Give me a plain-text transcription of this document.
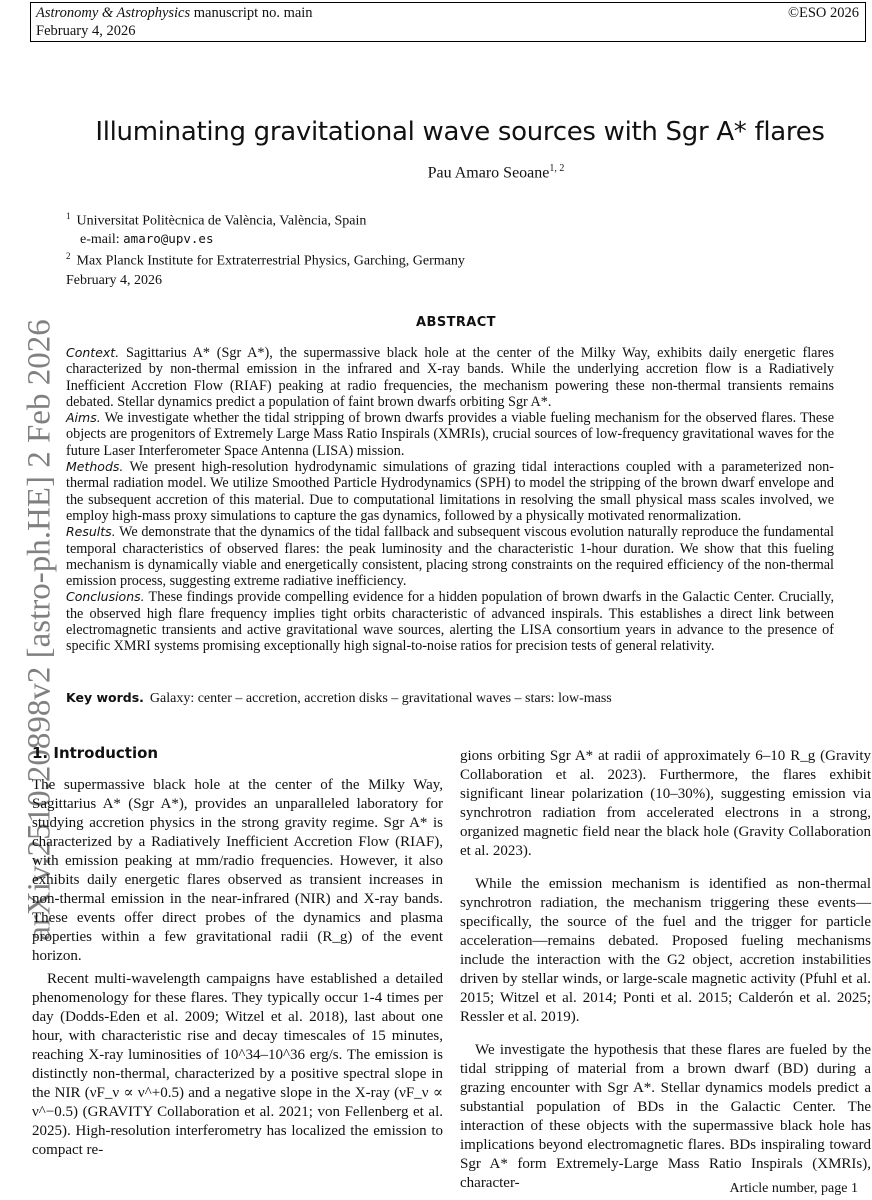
Astronomy & Astrophysics manuscript no. main
February 4, 2026
©ESO 2026
arXiv:2510.20898v2 [astro-ph.HE] 2 Feb 2026
Illuminating gravitational wave sources with Sgr A* flares
Pau Amaro Seoane$^{1, 2}$
$^1$ Universitat Politècnica de València, València, Spain
e-mail: amaro@upv.es
$^2$ Max Planck Institute for Extraterrestrial Physics, Garching, Germany
February 4, 2026
ABSTRACT

Context. Sagittarius A* (Sgr A*), the supermassive black hole at the center of the Milky Way, exhibits daily energetic flares characterized by non-thermal emission in the infrared and X-ray bands. While the underlying accretion flow is a Radiatively Inefficient Accretion Flow (RIAF) peaking at radio frequencies, the mechanism powering these non-thermal transients remains debated. Stellar dynamics predict a population of faint brown dwarfs orbiting Sgr A*.

Aims. We investigate whether the tidal stripping of brown dwarfs provides a viable fueling mechanism for the observed flares. These objects are progenitors of Extremely Large Mass Ratio Inspirals (XMRIs), crucial sources of low-frequency gravitational waves for the future Laser Interferometer Space Antenna (LISA) mission.

Methods. We present high-resolution hydrodynamic simulations of grazing tidal interactions coupled with a parameterized non-thermal radiation model. We utilize Smoothed Particle Hydrodynamics (SPH) to model the stripping of the brown dwarf envelope and the subsequent accretion of this material. Due to computational limitations in resolving the small physical mass scales involved, we employ high-mass proxy simulations to capture the gas dynamics, followed by a physically motivated renormalization.

Results. We demonstrate that the dynamics of the tidal fallback and subsequent viscous evolution naturally reproduce the fundamental temporal characteristics of observed flares: the peak luminosity and the characteristic 1-hour duration. We show that this fueling mechanism is dynamically viable and energetically consistent, placing strong constraints on the required efficiency of the non-thermal emission process, suggesting extreme radiative inefficiency.

Conclusions. These findings provide compelling evidence for a hidden population of brown dwarfs in the Galactic Center. Crucially, the observed high flare frequency implies tight orbits characteristic of advanced inspirals. This establishes a direct link between electromagnetic transients and active gravitational wave sources, alerting the LISA consortium years in advance to the presence of specific XMRI systems promising exceptionally high signal-to-noise ratios for precision tests of general relativity.

Key words. Galaxy: center – accretion, accretion disks – gravitational waves – stars: low-mass
1. Introduction

The supermassive black hole at the center of the Milky Way, Sagittarius A* (Sgr A*), provides an unparalleled laboratory for studying accretion physics in the strong gravity regime. Sgr A* is characterized by a Radiatively Inefficient Accretion Flow (RIAF), with emission peaking at mm/radio frequencies. However, it also exhibits daily energetic flares observed as transient increases in non-thermal emission in the near-infrared (NIR) and X-ray bands. These events offer direct probes of the dynamics and plasma properties within a few gravitational radii (R_g) of the event horizon.

Recent multi-wavelength campaigns have established a detailed phenomenology for these flares. They typically occur 1-4 times per day (Dodds-Eden et al. 2009; Witzel et al. 2018), last about one hour, with characteristic rise and decay timescales of 15 minutes, reaching X-ray luminosities of 10^34–10^36 erg/s. The emission is distinctly non-thermal, characterized by a positive spectral slope in the NIR (νF_ν ∝ ν^+0.5) and a negative slope in the X-ray (νF_ν ∝ ν^−0.5) (GRAVITY Collaboration et al. 2021; von Fellenberg et al. 2025). High-resolution interferometry has localized the emission to compact re-

gions orbiting Sgr A* at radii of approximately 6–10 R_g (Gravity Collaboration et al. 2023). Furthermore, the flares exhibit significant linear polarization (10–30%), suggesting emission via synchrotron radiation from accelerated electrons in a strong, organized magnetic field near the black hole (Gravity Collaboration et al. 2023).

While the emission mechanism is identified as non-thermal synchrotron radiation, the mechanism triggering these events—specifically, the source of the fuel and the trigger for particle acceleration—remains debated. Proposed fueling mechanisms include the interaction with the G2 object, accretion instabilities driven by stellar winds, or large-scale magnetic activity (Pfuhl et al. 2015; Witzel et al. 2014; Ponti et al. 2015; Calderón et al. 2025; Ressler et al. 2019).

We investigate the hypothesis that these flares are fueled by the tidal stripping of material from a brown dwarf (BD) during a grazing encounter with Sgr A*. Stellar dynamics models predict a substantial population of BDs in the Galactic Center. The interaction of these objects with the supermassive black hole has implications beyond electromagnetic flares. BDs inspiraling toward Sgr A* form Extremely-Large Mass Ratio Inspirals (XMRIs), character-	Article number, page 1
